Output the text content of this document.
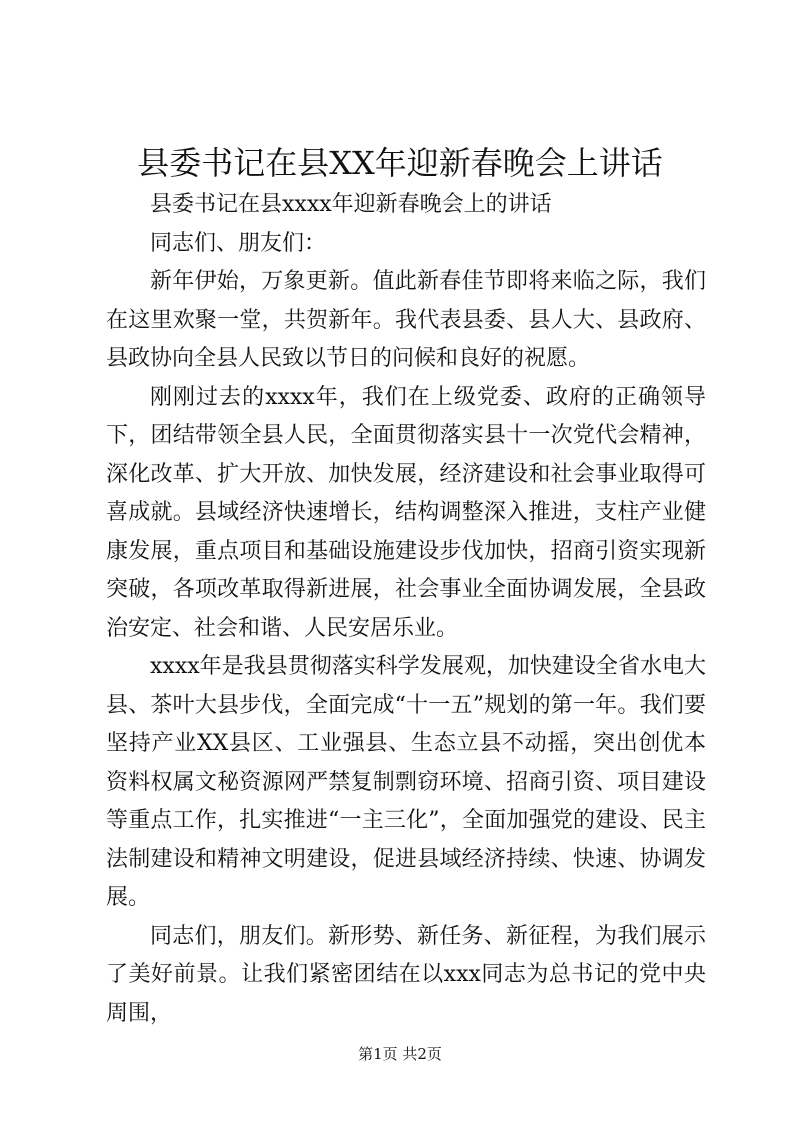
县委书记在县XX年迎新春晚会上讲话

县委书记在县xxxx年迎新春晚会上的讲话

同志们、朋友们：

新年伊始，万象更新。值此新春佳节即将来临之际，我们在这里欢聚一堂，共贺新年。我代表县委、县人大、县政府、县政协向全县人民致以节日的问候和良好的祝愿。

刚刚过去的xxxx年，我们在上级党委、政府的正确领导下，团结带领全县人民，全面贯彻落实县十一次党代会精神，深化改革、扩大开放、加快发展，经济建设和社会事业取得可喜成就。县域经济快速增长，结构调整深入推进，支柱产业健康发展，重点项目和基础设施建设步伐加快，招商引资实现新突破，各项改革取得新进展，社会事业全面协调发展，全县政治安定、社会和谐、人民安居乐业。

xxxx年是我县贯彻落实科学发展观，加快建设全省水电大县、茶叶大县步伐，全面完成“十一五”规划的第一年。我们要坚持产业XX县区、工业强县、生态立县不动摇，突出创优本资料权属文秘资源网严禁复制剽窃环境、招商引资、项目建设等重点工作，扎实推进“一主三化”，全面加强党的建设、民主法制建设和精神文明建设，促进县域经济持续、快速、协调发展。

同志们，朋友们。新形势、新任务、新征程，为我们展示了美好前景。让我们紧密团结在以xxx同志为总书记的党中央周围，

第1页 共2页
